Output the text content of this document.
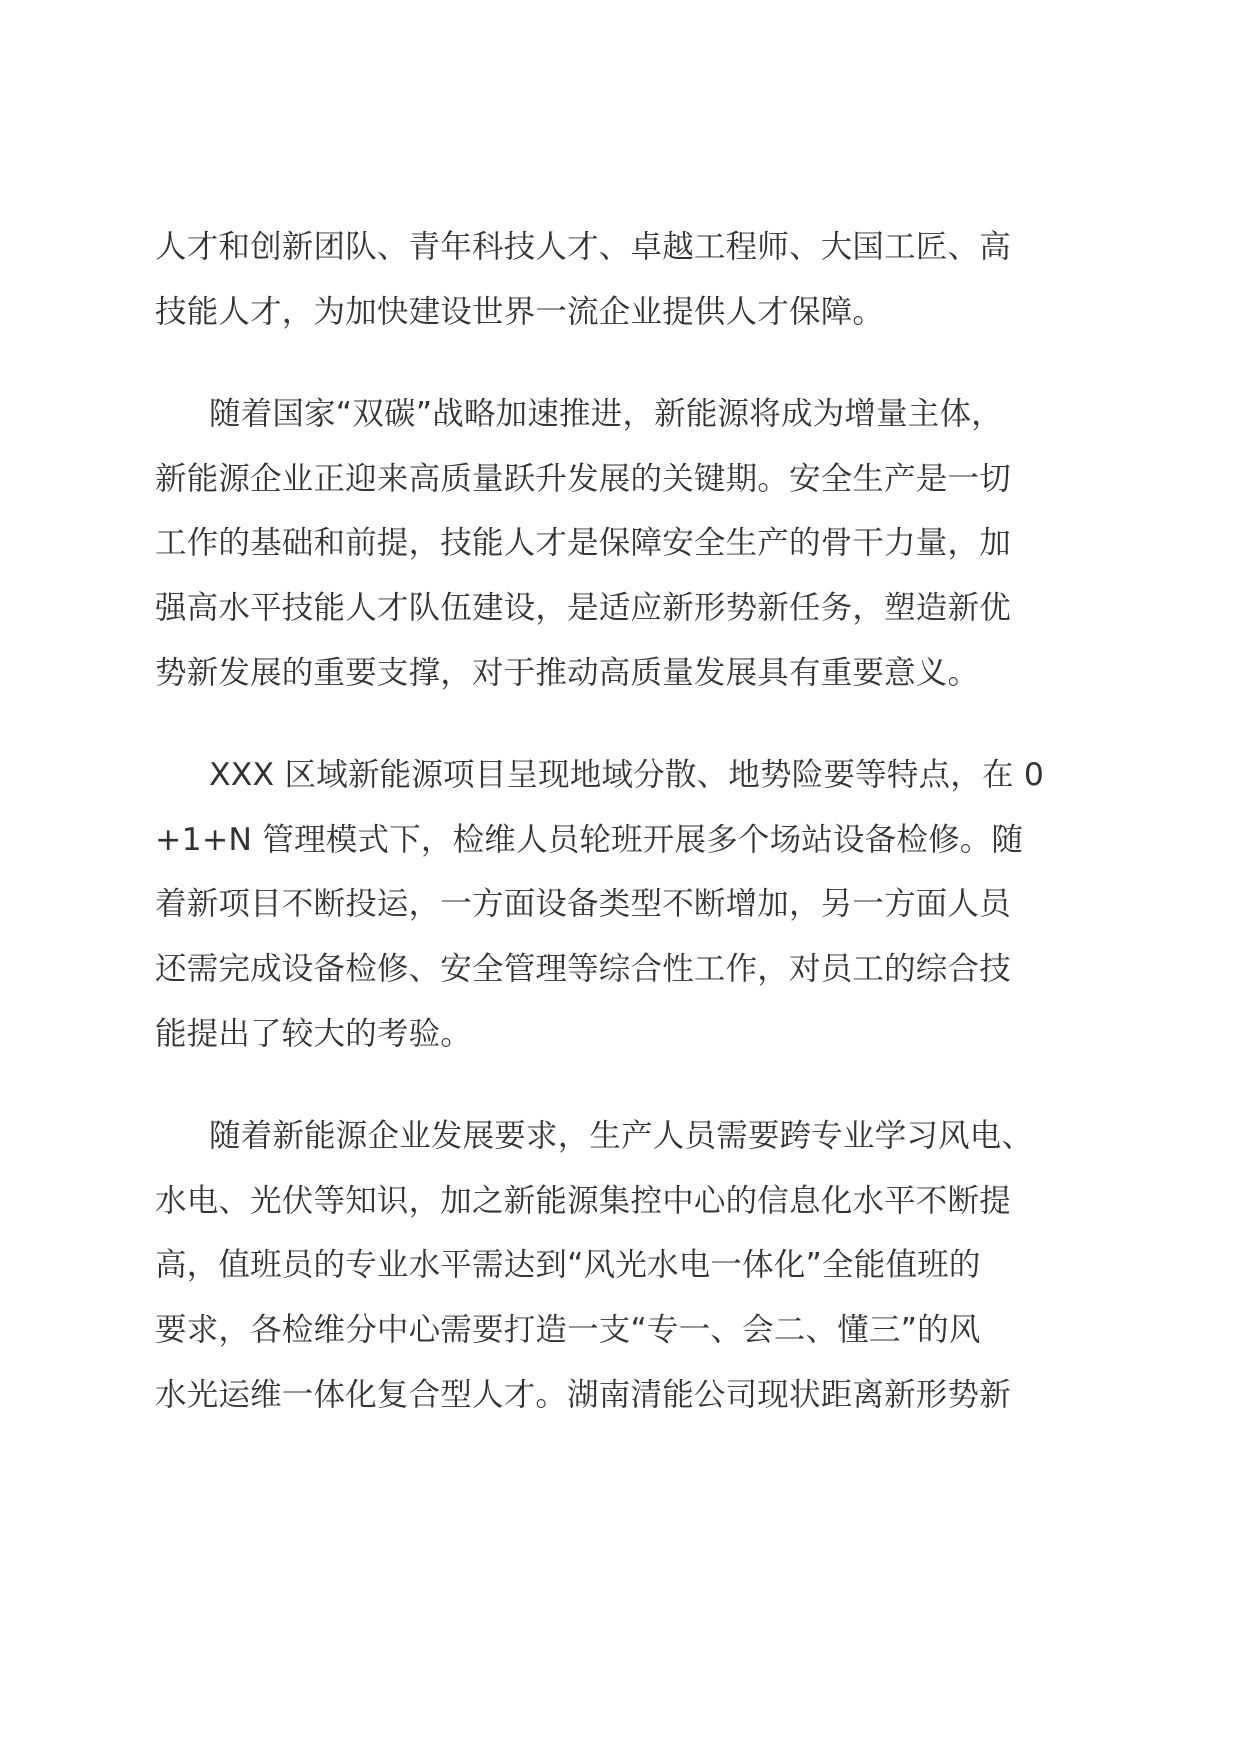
人才和创新团队、青年科技人才、卓越工程师、大国工匠、高
技能人才，为加快建设世界一流企业提供人才保障。
随着国家“双碳”战略加速推进，新能源将成为增量主体，
新能源企业正迎来高质量跃升发展的关键期。安全生产是一切
工作的基础和前提，技能人才是保障安全生产的骨干力量，加
强高水平技能人才队伍建设，是适应新形势新任务，塑造新优
势新发展的重要支撑，对于推动高质量发展具有重要意义。
XXX 区域新能源项目呈现地域分散、地势险要等特点，在 0
+1+N 管理模式下，检维人员轮班开展多个场站设备检修。随
着新项目不断投运，一方面设备类型不断增加，另一方面人员
还需完成设备检修、安全管理等综合性工作，对员工的综合技
能提出了较大的考验。
随着新能源企业发展要求，生产人员需要跨专业学习风电、
水电、光伏等知识，加之新能源集控中心的信息化水平不断提
高，值班员的专业水平需达到“风光水电一体化”全能值班的
要求，各检维分中心需要打造一支“专一、会二、懂三”的风
水光运维一体化复合型人才。湖南清能公司现状距离新形势新
